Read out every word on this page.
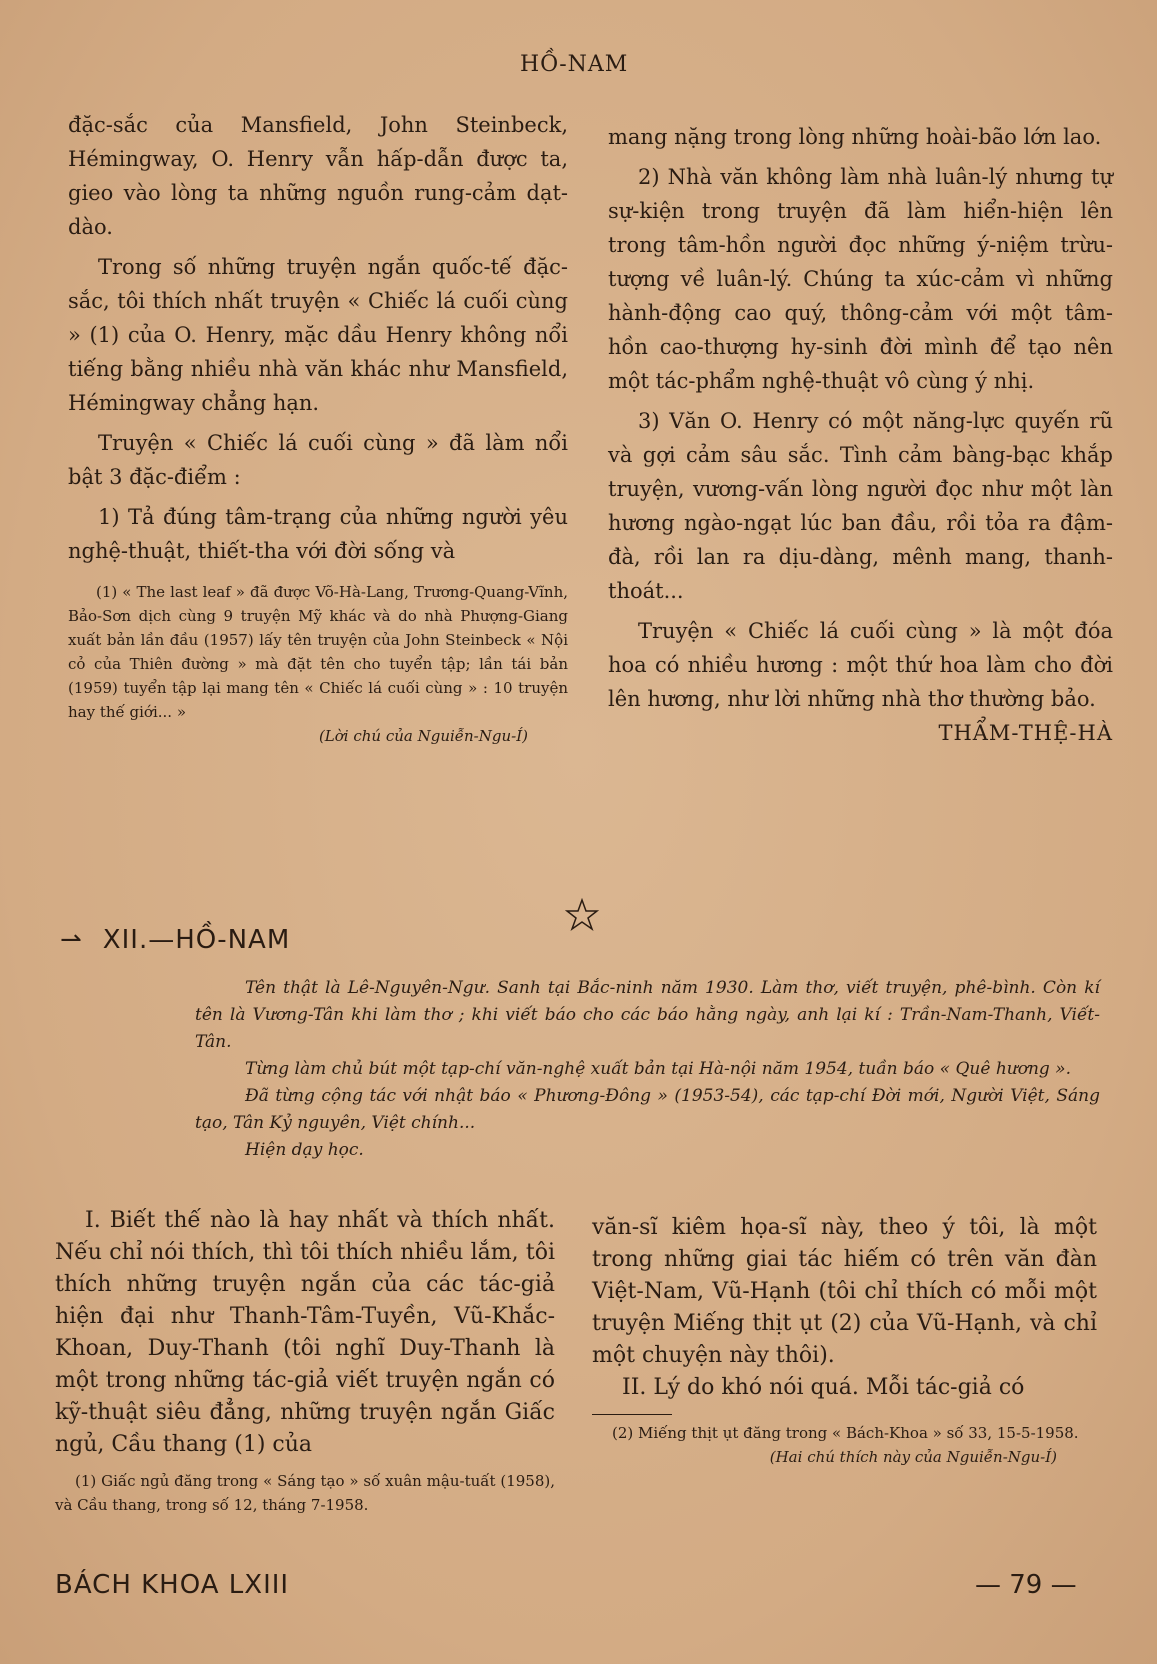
HỒ-NAM

đặc-sắc của Mansfield, John Steinbeck, Hémingway, O. Henry vẫn hấp-dẫn được ta, gieo vào lòng ta những nguồn rung-cảm dạt-dào.

Trong số những truyện ngắn quốc-tế đặc-sắc, tôi thích nhất truyện « Chiếc lá cuối cùng » (1) của O. Henry, mặc dầu Henry không nổi tiếng bằng nhiều nhà văn khác như Mansfield, Hémingway chẳng hạn.

Truyện « Chiếc lá cuối cùng » đã làm nổi bật 3 đặc-điểm :

1) Tả đúng tâm-trạng của những người yêu nghệ-thuật, thiết-tha với đời sống và

(1) « The last leaf » đã được Võ-Hà-Lang, Trương-Quang-Vĩnh, Bảo-Sơn dịch cùng 9 truyện Mỹ khác và do nhà Phượng-Giang xuất bản lần đầu (1957) lấy tên truyện của John Steinbeck « Nội cỏ của Thiên đường » mà đặt tên cho tuyển tập; lần tái bản (1959) tuyển tập lại mang tên « Chiếc lá cuối cùng » : 10 truyện hay thế giới... »

(Lời chú của Nguiễn-Ngu-Í)

mang nặng trong lòng những hoài-bão lớn lao.

2) Nhà văn không làm nhà luân-lý nhưng tự sự-kiện trong truyện đã làm hiển-hiện lên trong tâm-hồn người đọc những ý-niệm trừu-tượng về luân-lý. Chúng ta xúc-cảm vì những hành-động cao quý, thông-cảm với một tâm-hồn cao-thượng hy-sinh đời mình để tạo nên một tác-phẩm nghệ-thuật vô cùng ý nhị.

3) Văn O. Henry có một năng-lực quyến rũ và gợi cảm sâu sắc. Tình cảm bàng-bạc khắp truyện, vương-vấn lòng người đọc như một làn hương ngào-ngạt lúc ban đầu, rồi tỏa ra đậm-đà, rồi lan ra dịu-dàng, mênh mang, thanh-thoát...

Truyện « Chiếc lá cuối cùng » là một đóa hoa có nhiều hương : một thứ hoa làm cho đời lên hương, như lời những nhà thơ thường bảo.

THẨM-THỆ-HÀ

⇀ XII.—HỒ-NAM

Tên thật là Lê-Nguyên-Ngư. Sanh tại Bắc-ninh năm 1930. Làm thơ, viết truyện, phê-bình. Còn kí tên là Vương-Tân khi làm thơ ; khi viết báo cho các báo hằng ngày, anh lại kí : Trần-Nam-Thanh, Viết-Tân.

Từng làm chủ bút một tạp-chí văn-nghệ xuất bản tại Hà-nội năm 1954, tuần báo « Quê hương ».

Đã từng cộng tác với nhật báo « Phương-Đông » (1953-54), các tạp-chí Đời mới, Người Việt, Sáng tạo, Tân Kỷ nguyên, Việt chính...

Hiện dạy học.

I. Biết thế nào là hay nhất và thích nhất. Nếu chỉ nói thích, thì tôi thích nhiều lắm, tôi thích những truyện ngắn của các tác-giả hiện đại như Thanh-Tâm-Tuyền, Vũ-Khắc-Khoan, Duy-Thanh (tôi nghĩ Duy-Thanh là một trong những tác-giả viết truyện ngắn có kỹ-thuật siêu đẳng, những truyện ngắn Giấc ngủ, Cầu thang (1) của

(1) Giấc ngủ đăng trong « Sáng tạo » số xuân mậu-tuất (1958), và Cầu thang, trong số 12, tháng 7-1958.

văn-sĩ kiêm họa-sĩ này, theo ý tôi, là một trong những giai tác hiếm có trên văn đàn Việt-Nam, Vũ-Hạnh (tôi chỉ thích có mỗi một truyện Miếng thịt ụt (2) của Vũ-Hạnh, và chỉ một chuyện này thôi).

II. Lý do khó nói quá. Mỗi tác-giả có

(2) Miếng thịt ụt đăng trong « Bách-Khoa » số 33, 15-5-1958.

(Hai chú thích này của Nguiễn-Ngu-Í)

BÁCH KHOA LXIII	— 79 —
